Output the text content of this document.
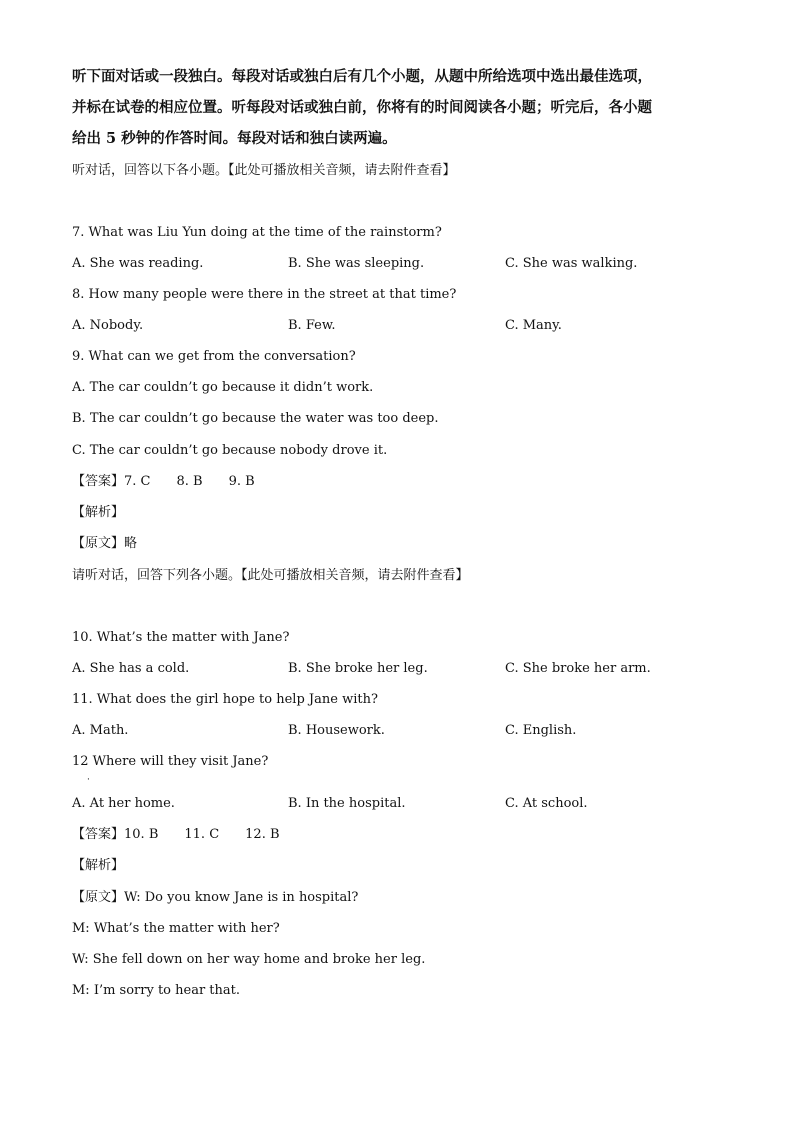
听下面对话或一段独白。每段对话或独白后有几个小题，从题中所给选项中选出最佳选项，
并标在试卷的相应位置。听每段对话或独白前，你将有的时间阅读各小题；听完后，各小题
给出 5 秒钟的作答时间。每段对话和独白读两遍。
听对话，回答以下各小题。【此处可播放相关音频，请去附件查看】
7. What was Liu Yun doing at the time of the rainstorm?
A. She was reading.	B. She was sleeping.	C. She was walking.
8. How many people were there in the street at that time?
A. Nobody.	B. Few.	C. Many.
9. What can we get from the conversation?
A. The car couldn’t go because it didn’t work.
B. The car couldn’t go because the water was too deep.
C. The car couldn’t go because nobody drove it.
【答案】7. C 8. B 9. B
【解析】
【原文】略
请听对话，回答下列各小题。【此处可播放相关音频，请去附件查看】
10. What’s the matter with Jane?
A. She has a cold.	B. She broke her leg.	C. She broke her arm.
11. What does the girl hope to help Jane with?
A. Math.	B. Housework.	C. English.
12 Where will they visit Jane?
·
A. At her home.	B. In the hospital.	C. At school.
【答案】10. B 11. C 12. B
【解析】
【原文】W: Do you know Jane is in hospital?
M: What’s the matter with her?
W: She fell down on her way home and broke her leg.
M: I’m sorry to hear that.
